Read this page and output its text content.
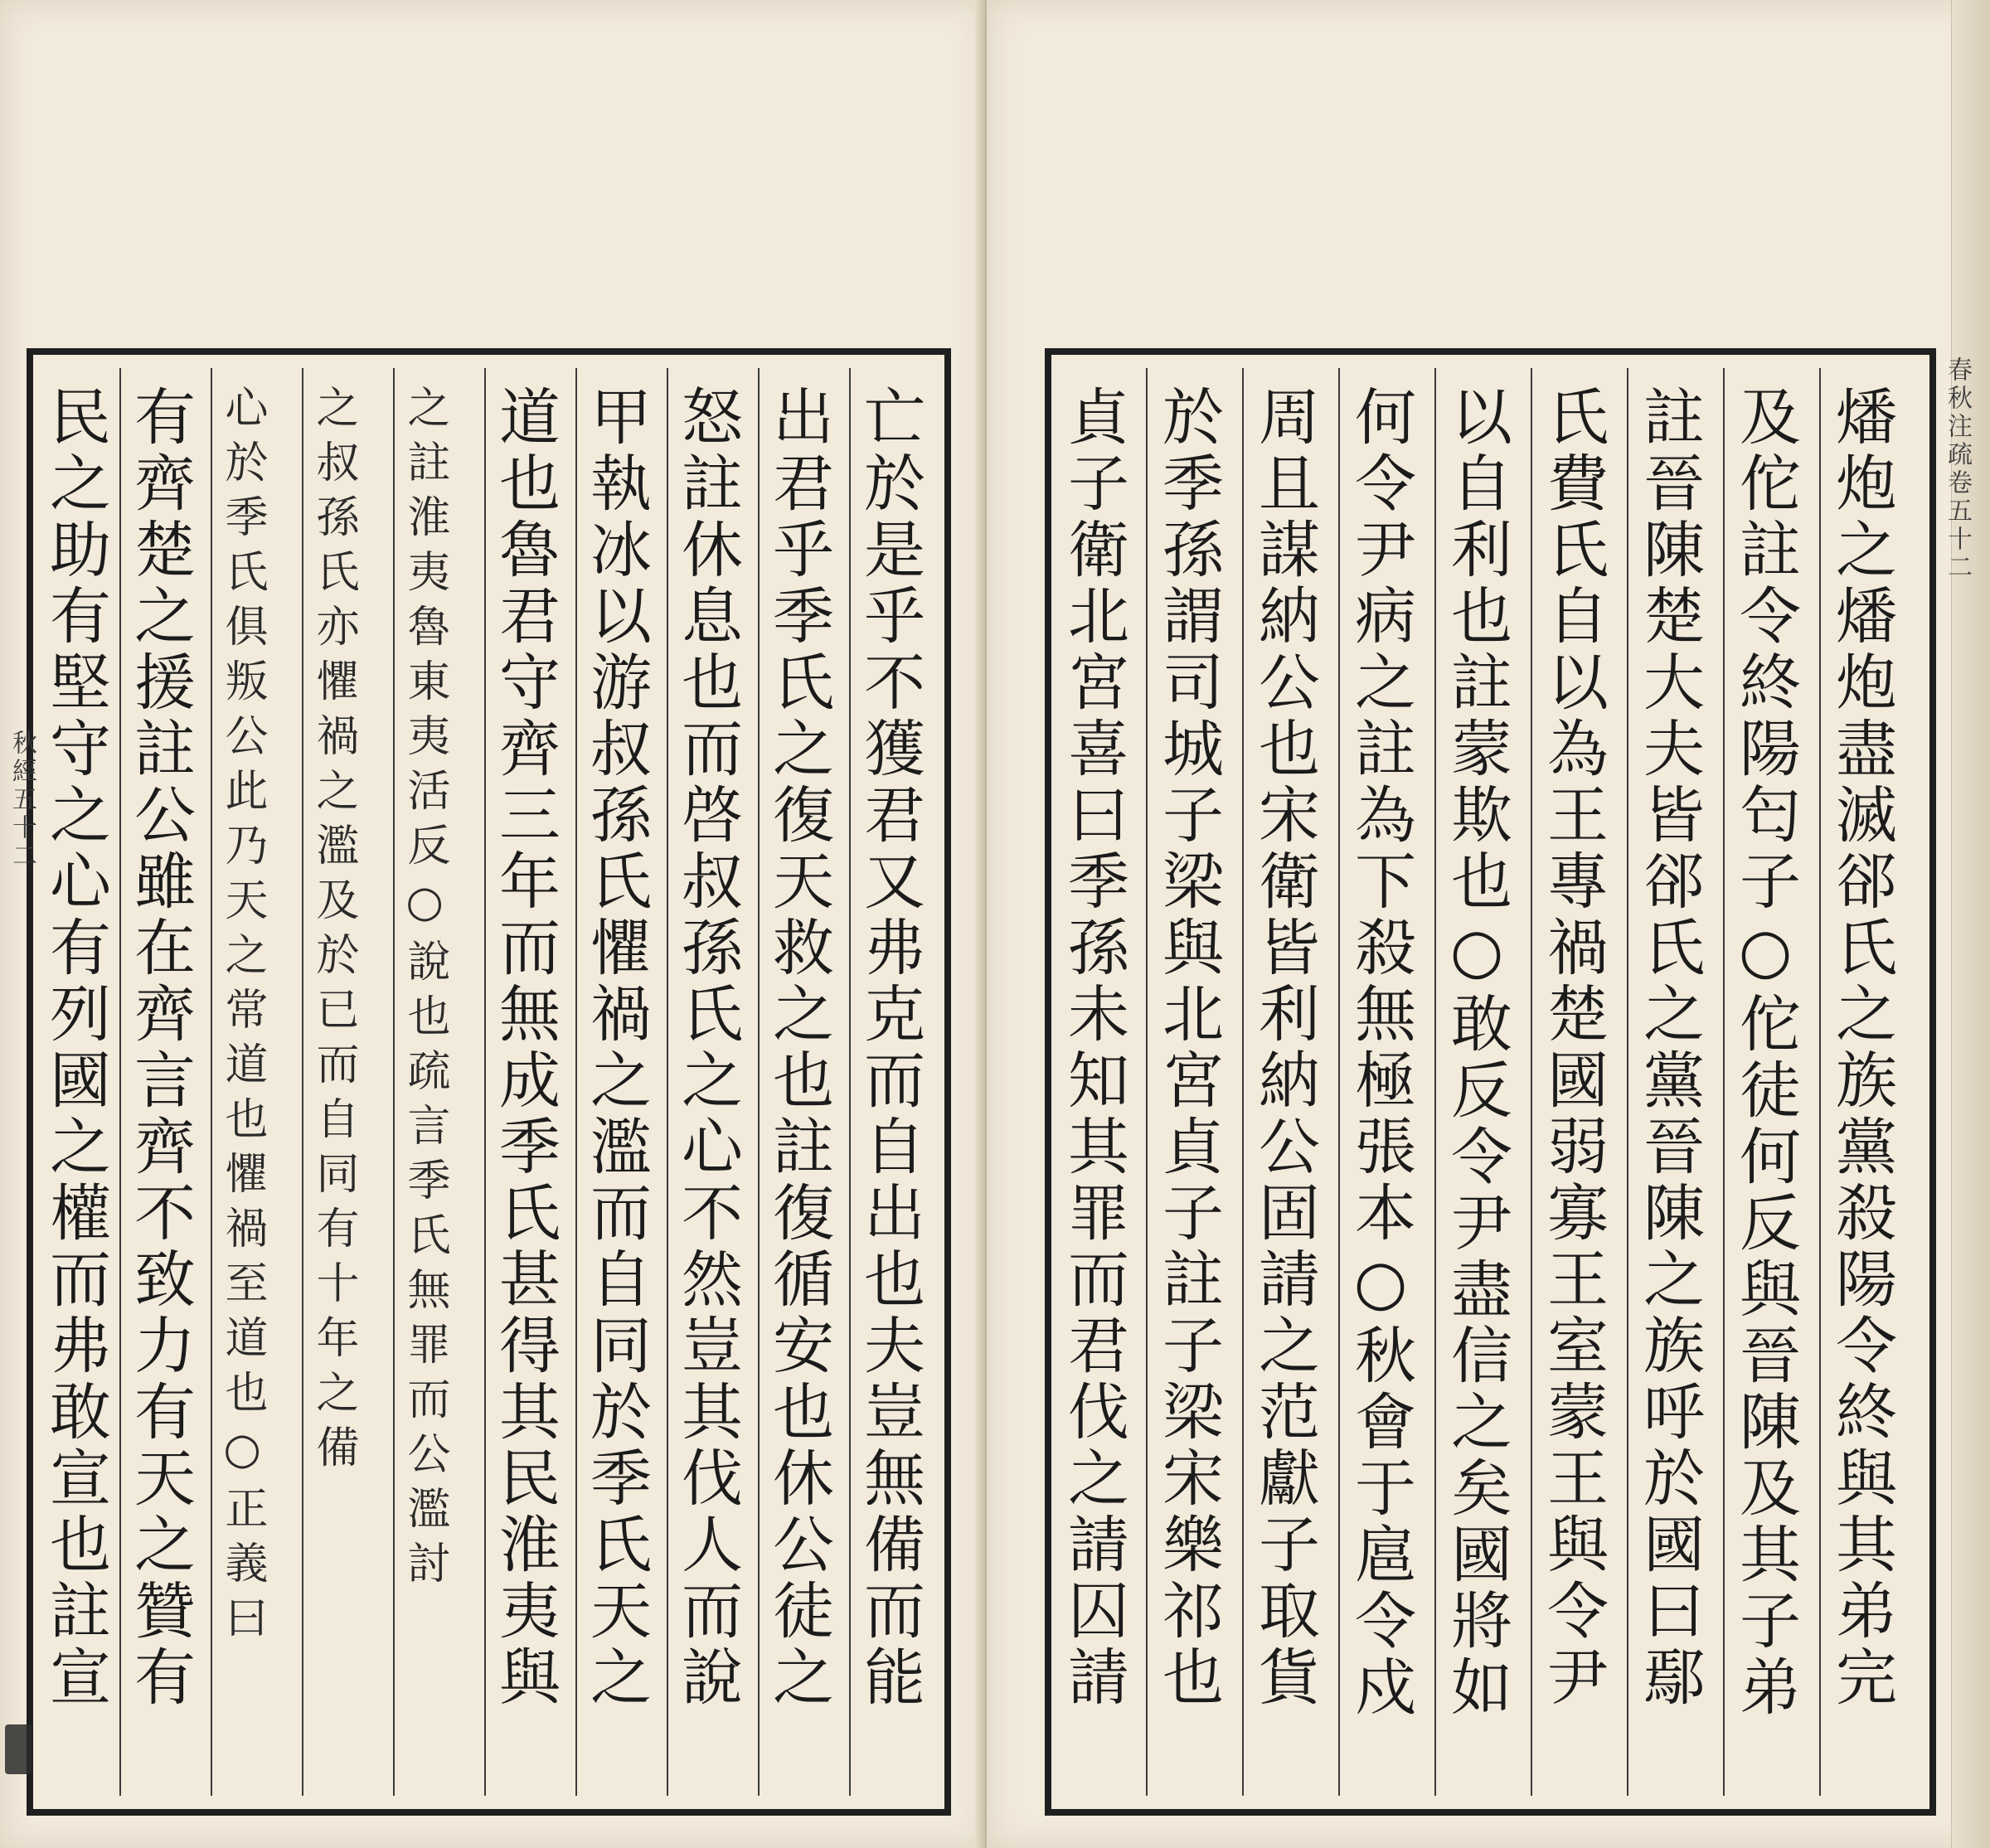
亡於是乎不獲君又弗克而自出也夫豈無備而能
出君乎季氏之復天救之也註復循安也休公徒之
怒註休息也而啓叔孫氏之心不然豈其伐人而說
甲執冰以游叔孫氏懼禍之濫而自同於季氏天之
道也魯君守齊三年而無成季氏甚得其民淮夷與
之註淮夷魯東夷活反○說也疏言季氏無罪而公濫討
之叔孫氏亦懼禍之濫及於已而自同有十年之備
心於季氏俱叛公此乃天之常道也懼禍至道也○正義曰
有齊楚之援註公雖在齊言齊不致力有天之贊有
民之助有堅守之心有列國之權而弗敢宣也註宣
秋經五十二	燔炮之燔炮盡滅郤氏之族黨殺陽令終與其弟完
及佗註令終陽匄子○佗徒何反與晉陳及其子弟
註晉陳楚大夫皆郤氏之黨晉陳之族呼於國曰鄢
氏費氏自以為王專禍楚國弱寡王室蒙王與令尹
以自利也註蒙欺也○敢反令尹盡信之矣國將如
何令尹病之註為下殺無極張本○秋會于扈令戍
周且謀納公也宋衛皆利納公固請之范獻子取貨
於季孫謂司城子梁與北宮貞子註子梁宋樂祁也
貞子衛北宮喜曰季孫未知其罪而君伐之請囚請	春秋注疏卷五十二
